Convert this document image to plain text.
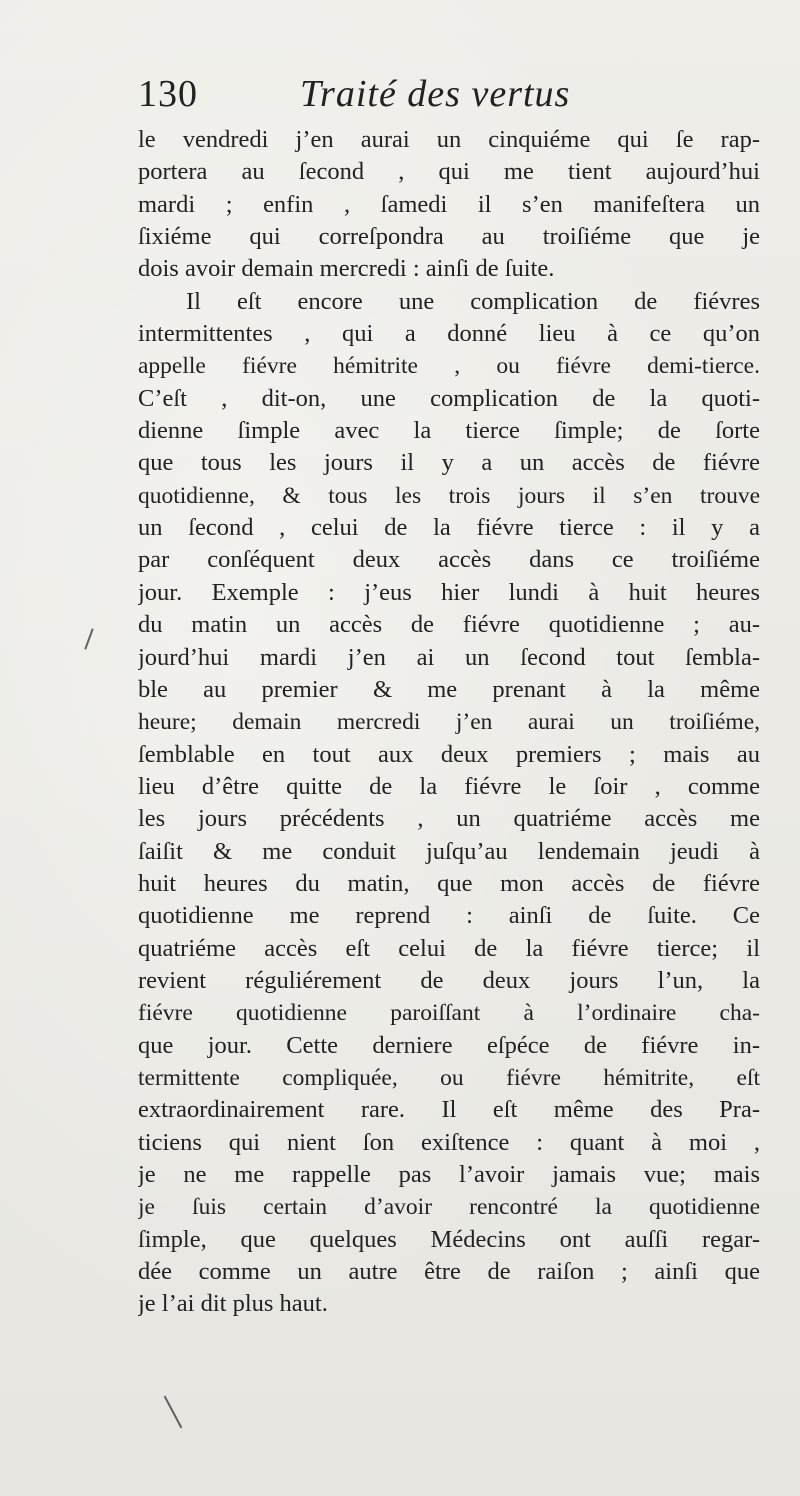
130	Traité des vertus
le vendredi j’en aurai un cinquiéme qui ſe rap-
portera au ſecond , qui me tient aujourd’hui
mardi ; enfin , ſamedi il s’en manifeſtera un
ſixiéme qui correſpondra au troiſiéme que je
dois avoir demain mercredi : ainſi de ſuite.
Il eſt encore une complication de fiévres
intermittentes , qui a donné lieu à ce qu’on
appelle fiévre hémitrite , ou fiévre demi-tierce.
C’eſt , dit-on, une complication de la quoti-
dienne ſimple avec la tierce ſimple; de ſorte
que tous les jours il y a un accès de fiévre
quotidienne, & tous les trois jours il s’en trouve
un ſecond , celui de la fiévre tierce : il y a
par conſéquent deux accès dans ce troiſiéme
jour. Exemple : j’eus hier lundi à huit heures
du matin un accès de fiévre quotidienne ; au-
jourd’hui mardi j’en ai un ſecond tout ſembla-
ble au premier & me prenant à la même
heure; demain mercredi j’en aurai un troiſiéme,
ſemblable en tout aux deux premiers ; mais au
lieu d’être quitte de la fiévre le ſoir , comme
les jours précédents , un quatriéme accès me
ſaiſit & me conduit juſqu’au lendemain jeudi à
huit heures du matin, que mon accès de fiévre
quotidienne me reprend : ainſi de ſuite. Ce
quatriéme accès eſt celui de la fiévre tierce; il
revient réguliérement de deux jours l’un, la
fiévre quotidienne paroiſſant à l’ordinaire cha-
que jour. Cette derniere eſpéce de fiévre in-
termittente compliquée, ou fiévre hémitrite, eſt
extraordinairement rare. Il eſt même des Pra-
ticiens qui nient ſon exiſtence : quant à moi ,
je ne me rappelle pas l’avoir jamais vue; mais
je ſuis certain d’avoir rencontré la quotidienne
ſimple, que quelques Médecins ont auſſi regar-
dée comme un autre être de raiſon ; ainſi que
je l’ai dit plus haut.
